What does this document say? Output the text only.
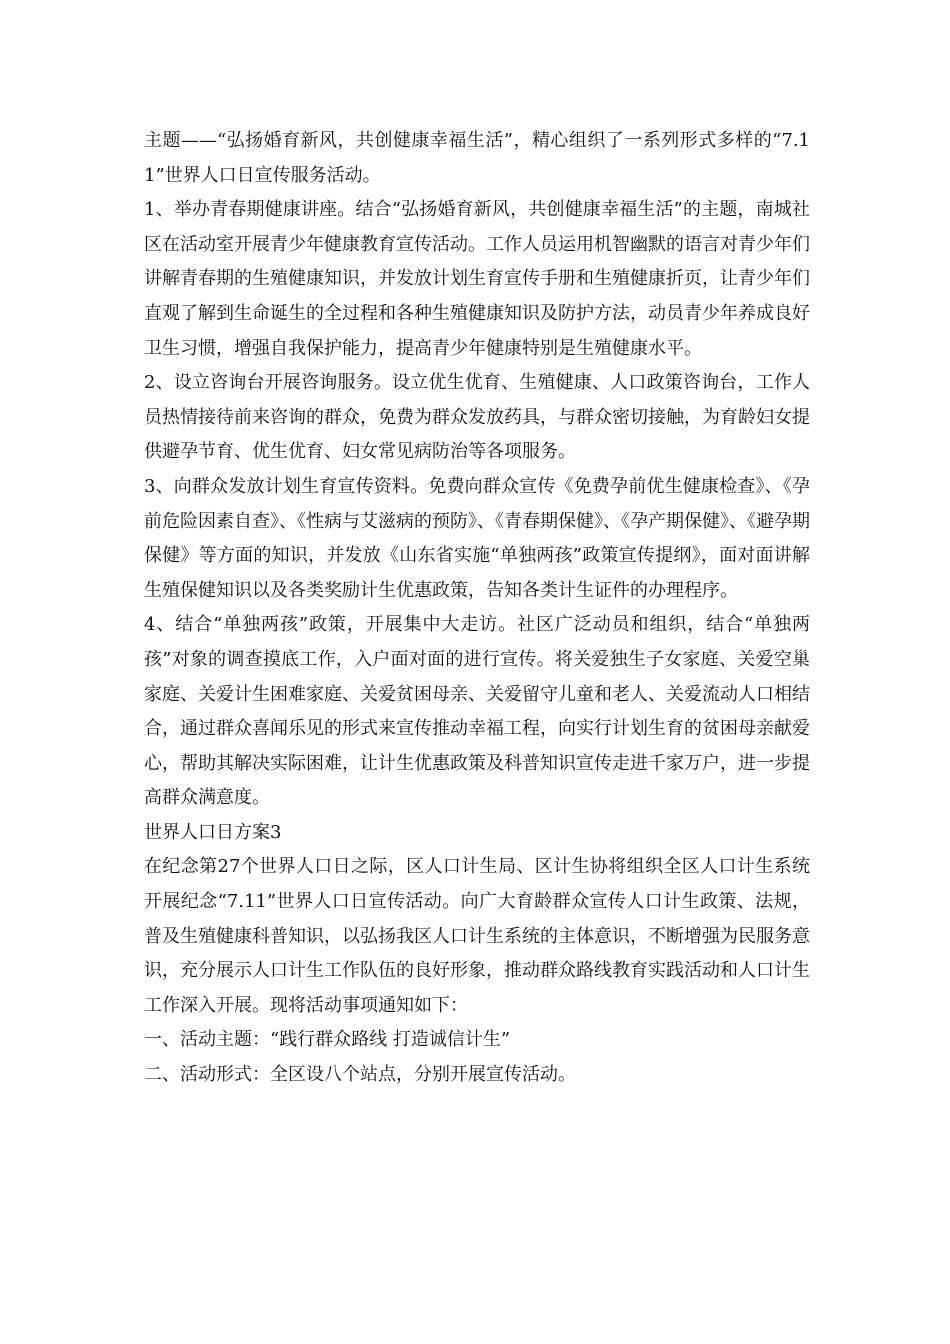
主题——“弘扬婚育新风，共创健康幸福生活”，精心组织了一系列形式多样的“7.11”世界人口日宣传服务活动。

1、举办青春期健康讲座。结合“弘扬婚育新风，共创健康幸福生活”的主题，南城社区在活动室开展青少年健康教育宣传活动。工作人员运用机智幽默的语言对青少年们讲解青春期的生殖健康知识，并发放计划生育宣传手册和生殖健康折页，让青少年们直观了解到生命诞生的全过程和各种生殖健康知识及防护方法，动员青少年养成良好卫生习惯，增强自我保护能力，提高青少年健康特别是生殖健康水平。

2、设立咨询台开展咨询服务。设立优生优育、生殖健康、人口政策咨询台，工作人员热情接待前来咨询的群众，免费为群众发放药具，与群众密切接触，为育龄妇女提供避孕节育、优生优育、妇女常见病防治等各项服务。

3、向群众发放计划生育宣传资料。免费向群众宣传《免费孕前优生健康检查》、《孕前危险因素自查》、《性病与艾滋病的预防》、《青春期保健》、《孕产期保健》、《避孕期保健》等方面的知识，并发放《山东省实施“单独两孩”政策宣传提纲》，面对面讲解生殖保健知识以及各类奖励计生优惠政策，告知各类计生证件的办理程序。

4、结合“单独两孩”政策，开展集中大走访。社区广泛动员和组织，结合“单独两孩”对象的调查摸底工作，入户面对面的进行宣传。将关爱独生子女家庭、关爱空巢家庭、关爱计生困难家庭、关爱贫困母亲、关爱留守儿童和老人、关爱流动人口相结合，通过群众喜闻乐见的形式来宣传推动幸福工程，向实行计划生育的贫困母亲献爱心，帮助其解决实际困难，让计生优惠政策及科普知识宣传走进千家万户，进一步提高群众满意度。

世界人口日方案3

在纪念第27个世界人口日之际，区人口计生局、区计生协将组织全区人口计生系统开展纪念“7.11”世界人口日宣传活动。向广大育龄群众宣传人口计生政策、法规，普及生殖健康科普知识，以弘扬我区人口计生系统的主体意识，不断增强为民服务意识，充分展示人口计生工作队伍的良好形象，推动群众路线教育实践活动和人口计生工作深入开展。现将活动事项通知如下：

一、活动主题：“践行群众路线 打造诚信计生”

二、活动形式：全区设八个站点，分别开展宣传活动。
